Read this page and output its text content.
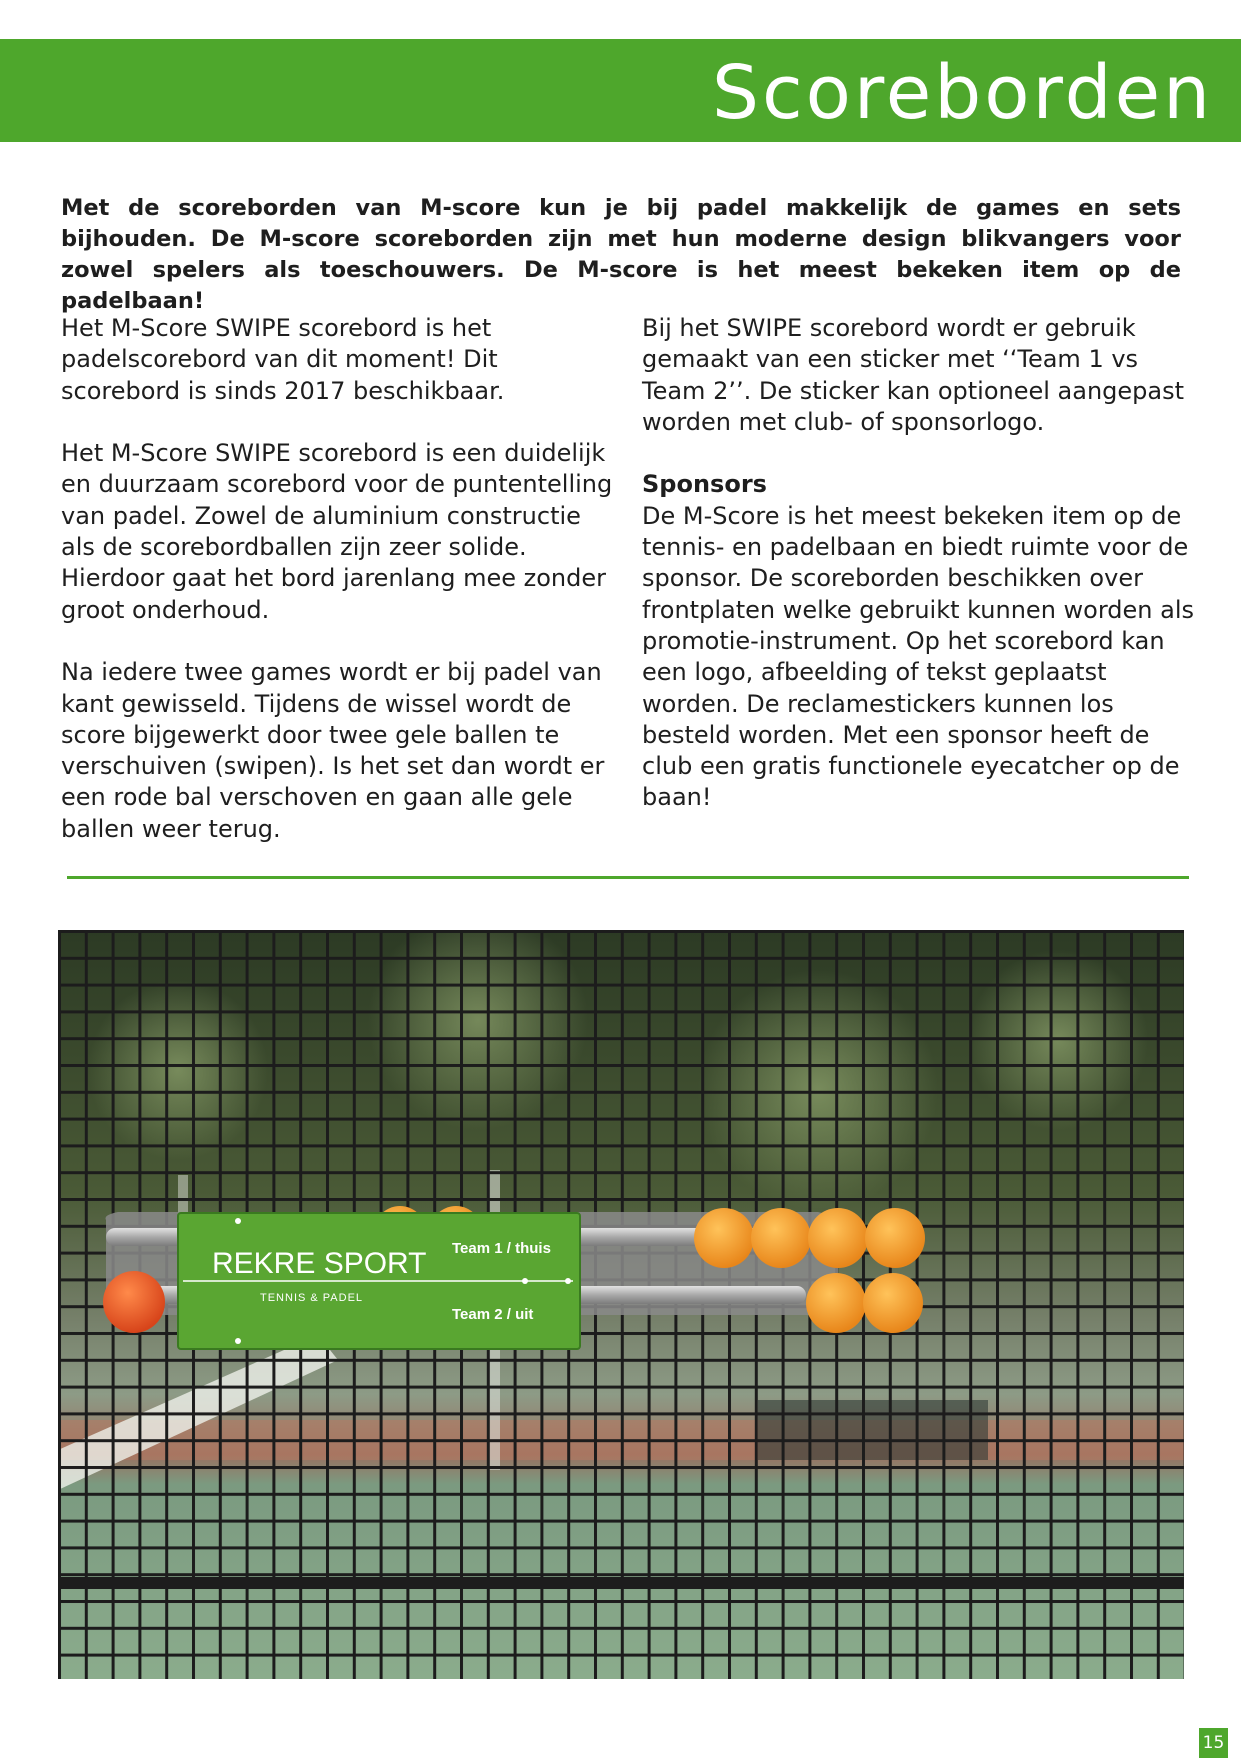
Scoreborden

Met de scoreborden van M-score kun je bij padel makkelijk de games en sets bijhouden. De M-score scoreborden zijn met hun moderne design blikvangers voor zowel spelers als toeschouwers. De M-score is het meest bekeken item op de padelbaan!

Het M-Score SWIPE scorebord is het padelscorebord van dit moment! Dit scorebord is sinds 2017 beschikbaar.

Het M-Score SWIPE scorebord is een duidelijk en duurzaam scorebord voor de puntentelling van padel. Zowel de aluminium constructie als de scorebordballen zijn zeer solide. Hierdoor gaat het bord jarenlang mee zonder groot onderhoud.

Na iedere twee games wordt er bij padel van kant gewisseld. Tijdens de wissel wordt de score bijgewerkt door twee gele ballen te verschuiven (swipen). Is het set dan wordt er een rode bal verschoven en gaan alle gele ballen weer terug.

Bij het SWIPE scorebord wordt er gebruik gemaakt van een sticker met ‘‘Team 1 vs Team 2’’. De sticker kan optioneel aangepast worden met club- of sponsorlogo.

Sponsors

De M-Score is het meest bekeken item op de tennis- en padelbaan en biedt ruimte voor de sponsor. De scoreborden beschikken over frontplaten welke gebruikt kunnen worden als promotie-instrument. Op het scorebord kan een logo, afbeelding of tekst geplaatst worden. De reclamestickers kunnen los besteld worden. Met een sponsor heeft de club een gratis functionele eyecatcher op de baan!

REKRE SPORT
TENNIS & PADEL
Team 1 / thuis
Team 2 / uit
15
